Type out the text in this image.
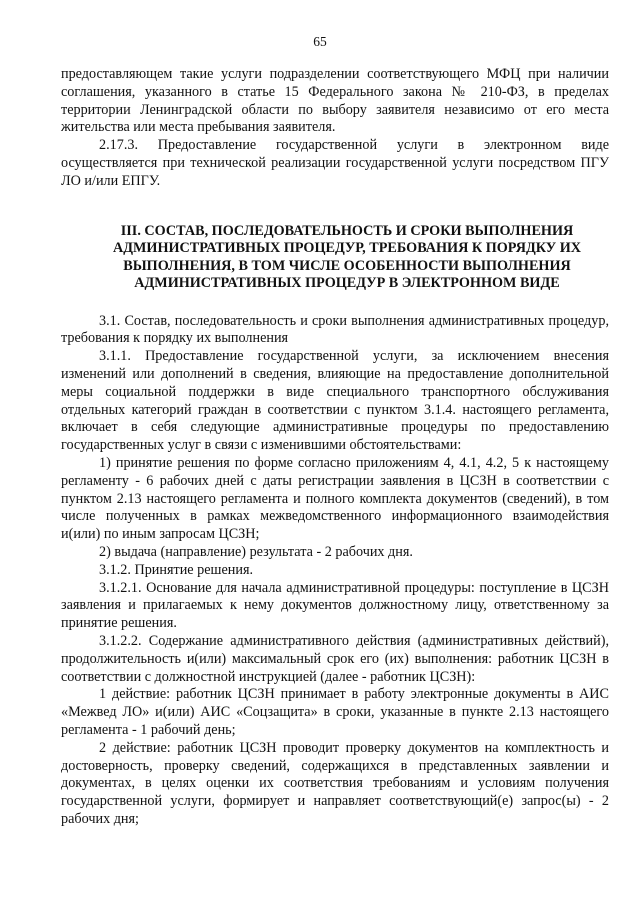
65

предоставляющем такие услуги подразделении соответствующего МФЦ при наличии соглашения, указанного в статье 15 Федерального закона № 210-ФЗ, в пределах территории Ленинградской области по выбору заявителя независимо от его места жительства или места пребывания заявителя.

2.17.3. Предоставление государственной услуги в электронном виде осуществляется при технической реализации государственной услуги посредством ПГУ ЛО и/или ЕПГУ.

III. СОСТАВ, ПОСЛЕДОВАТЕЛЬНОСТЬ И СРОКИ ВЫПОЛНЕНИЯ АДМИНИСТРАТИВНЫХ ПРОЦЕДУР, ТРЕБОВАНИЯ К ПОРЯДКУ ИХ ВЫПОЛНЕНИЯ, В ТОМ ЧИСЛЕ ОСОБЕННОСТИ ВЫПОЛНЕНИЯ АДМИНИСТРАТИВНЫХ ПРОЦЕДУР В ЭЛЕКТРОННОМ ВИДЕ

3.1. Состав, последовательность и сроки выполнения административных процедур, требования к порядку их выполнения

3.1.1. Предоставление государственной услуги, за исключением внесения изменений или дополнений в сведения, влияющие на предоставление дополнительной меры социальной поддержки в виде специального транспортного обслуживания отдельных категорий граждан в соответствии с пунктом 3.1.4. настоящего регламента, включает в себя следующие административные процедуры по предоставлению государственных услуг в связи с изменившими обстоятельствами:

1) принятие решения по форме согласно приложениям 4, 4.1, 4.2, 5 к настоящему регламенту - 6 рабочих дней с даты регистрации заявления в ЦСЗН в соответствии с пунктом 2.13 настоящего регламента и полного комплекта документов (сведений), в том числе полученных в рамках межведомственного информационного взаимодействия и(или) по иным запросам ЦСЗН;

2) выдача (направление) результата - 2 рабочих дня.

3.1.2. Принятие решения.

3.1.2.1. Основание для начала административной процедуры: поступление в ЦСЗН заявления и прилагаемых к нему документов должностному лицу, ответственному за принятие решения.

3.1.2.2. Содержание административного действия (административных действий), продолжительность и(или) максимальный срок его (их) выполнения: работник ЦСЗН в соответствии с должностной инструкцией (далее - работник ЦСЗН):

1 действие: работник ЦСЗН принимает в работу электронные документы в АИС «Межвед ЛО» и(или) АИС «Соцзащита» в сроки, указанные в пункте 2.13 настоящего регламента - 1 рабочий день;

2 действие: работник ЦСЗН проводит проверку документов на комплектность и достоверность, проверку сведений, содержащихся в представленных заявлении и документах, в целях оценки их соответствия требованиям и условиям получения государственной услуги, формирует и направляет соответствующий(е) запрос(ы) - 2 рабочих дня;
